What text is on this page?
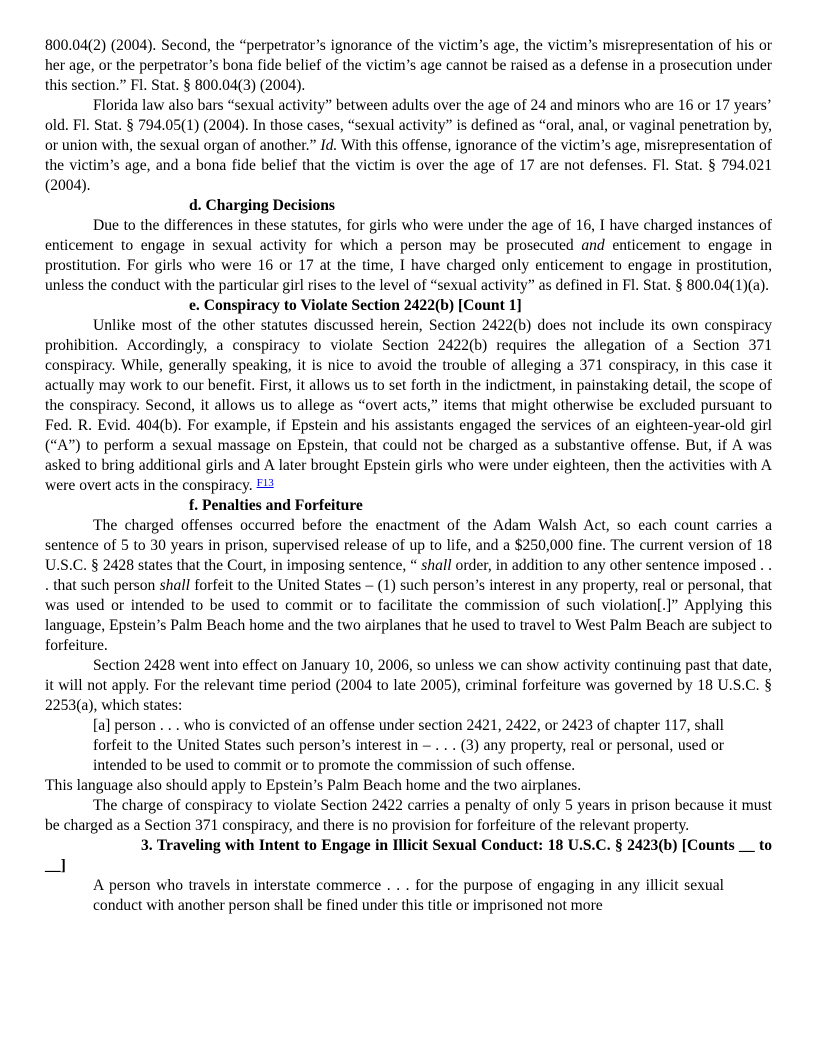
800.04(2) (2004). Second, the “perpetrator’s ignorance of the victim’s age, the victim’s misrepresentation of his or her age, or the perpetrator’s bona fide belief of the victim’s age cannot be raised as a defense in a prosecution under this section.” Fl. Stat. § 800.04(3) (2004).

Florida law also bars “sexual activity” between adults over the age of 24 and minors who are 16 or 17 years’ old. Fl. Stat. § 794.05(1) (2004). In those cases, “sexual activity” is defined as “oral, anal, or vaginal penetration by, or union with, the sexual organ of another.” Id. With this offense, ignorance of the victim’s age, misrepresentation of the victim’s age, and a bona fide belief that the victim is over the age of 17 are not defenses. Fl. Stat. § 794.021 (2004).

d. Charging Decisions

Due to the differences in these statutes, for girls who were under the age of 16, I have charged instances of enticement to engage in sexual activity for which a person may be prosecuted and enticement to engage in prostitution. For girls who were 16 or 17 at the time, I have charged only enticement to engage in prostitution, unless the conduct with the particular girl rises to the level of “sexual activity” as defined in Fl. Stat. § 800.04(1)(a).

e. Conspiracy to Violate Section 2422(b) [Count 1]

Unlike most of the other statutes discussed herein, Section 2422(b) does not include its own conspiracy prohibition. Accordingly, a conspiracy to violate Section 2422(b) requires the allegation of a Section 371 conspiracy. While, generally speaking, it is nice to avoid the trouble of alleging a 371 conspiracy, in this case it actually may work to our benefit. First, it allows us to set forth in the indictment, in painstaking detail, the scope of the conspiracy. Second, it allows us to allege as “overt acts,” items that might otherwise be excluded pursuant to Fed. R. Evid. 404(b). For example, if Epstein and his assistants engaged the services of an eighteen-year-old girl (“A”) to perform a sexual massage on Epstein, that could not be charged as a substantive offense. But, if A was asked to bring additional girls and A later brought Epstein girls who were under eighteen, then the activities with A were overt acts in the conspiracy. $^{F13}$

f. Penalties and Forfeiture

The charged offenses occurred before the enactment of the Adam Walsh Act, so each count carries a sentence of 5 to 30 years in prison, supervised release of up to life, and a $250,000 fine. The current version of 18 U.S.C. § 2428 states that the Court, in imposing sentence, “ shall order, in addition to any other sentence imposed . . . that such person shall forfeit to the United States – (1) such person’s interest in any property, real or personal, that was used or intended to be used to commit or to facilitate the commission of such violation[.]” Applying this language, Epstein’s Palm Beach home and the two airplanes that he used to travel to West Palm Beach are subject to forfeiture.

Section 2428 went into effect on January 10, 2006, so unless we can show activity continuing past that date, it will not apply. For the relevant time period (2004 to late 2005), criminal forfeiture was governed by 18 U.S.C. § 2253(a), which states:

[a] person . . . who is convicted of an offense under section 2421, 2422, or 2423 of chapter 117, shall forfeit to the United States such person’s interest in – . . . (3) any property, real or personal, used or intended to be used to commit or to promote the commission of such offense.

This language also should apply to Epstein’s Palm Beach home and the two airplanes.

The charge of conspiracy to violate Section 2422 carries a penalty of only 5 years in prison because it must be charged as a Section 371 conspiracy, and there is no provision for forfeiture of the relevant property.

3. Traveling with Intent to Engage in Illicit Sexual Conduct: 18 U.S.C. § 2423(b) [Counts __ to __]

A person who travels in interstate commerce . . . for the purpose of engaging in any illicit sexual conduct with another person shall be fined under this title or imprisoned not more
